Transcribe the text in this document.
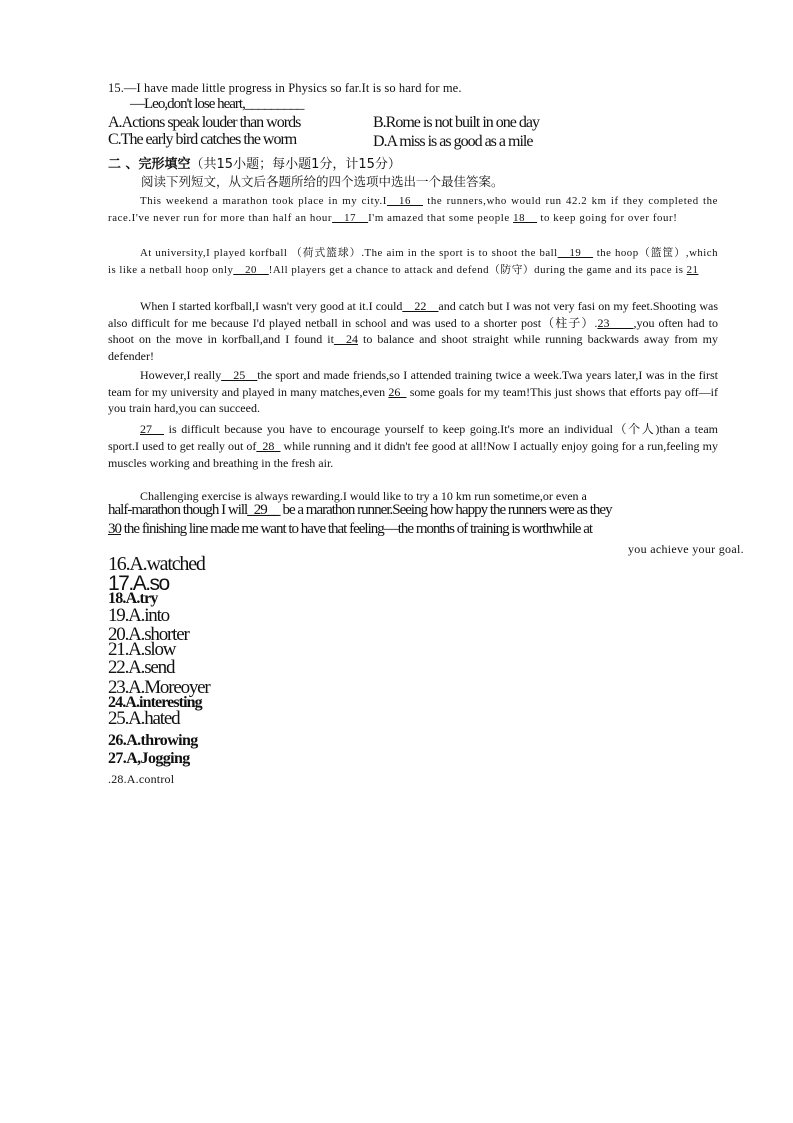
15.—I have made little progress in Physics so far.It is so hard for me.
—Leo,don't lose heart,_________
A.Actions speak louder than words	B.Rome is not built in one day
C.The early bird catches the worm	D.A miss is as good as a mile
二 、完形填空（共15小题；每小题1分，计15分）
阅读下列短文，从文后各题所给的四个选项中选出一个最佳答案。
This weekend a marathon took place in my city.I__16__ the runners,who would run 42.2 km if they completed the race.I've never run for more than half an hour__17__I'm amazed that some people 18__ to keep going for over four!
At university,I played korfball （荷式篮球）.The aim in the sport is to shoot the ball__19__ the hoop（篮筐）,which is like a netball hoop only__20__!All players get a chance to attack and defend（防守）during the game and its pace is 21
When I started korfball,I wasn't very good at it.I could__22__and catch but I was not very fasi on my feet.Shooting was also difficult for me because I'd played netball in school and was used to a shorter post（柱子）.23____,you often had to shoot on the move in korfball,and I found it__24 to balance and shoot straight while running backwards away from my defender!
However,I really__25__the sport and made friends,so I attended training twice a week.Twa years later,I was in the first team for my university and played in many matches,even 26_ some goals for my team!This just shows that efforts pay off—if you train hard,you can succeed.
27__ is difficult because you have to encourage yourself to keep going.It's more an individual（个人)than a team sport.I used to get really out of_28_ while running and it didn't fee good at all!Now I actually enjoy going for a run,feeling my muscles working and breathing in the fresh air.
Challenging exercise is always rewarding.I would like to try a 10 km run sometime,or even a
half-marathon though I will_29__ be a marathon runner.Seeing how happy the runners were as they
30 the finishing line made me want to have that feeling—the months of training is worthwhile at
you achieve your goal.
16.A.watched
17.A.so
18.A.try
19.A.into
20.A.shorter
21.A.slow
22.A.send
23.A.Moreoyer
24.A.interesting
25.A.hated
26.A.throwing
27.A,Jogging
.28.A.control
